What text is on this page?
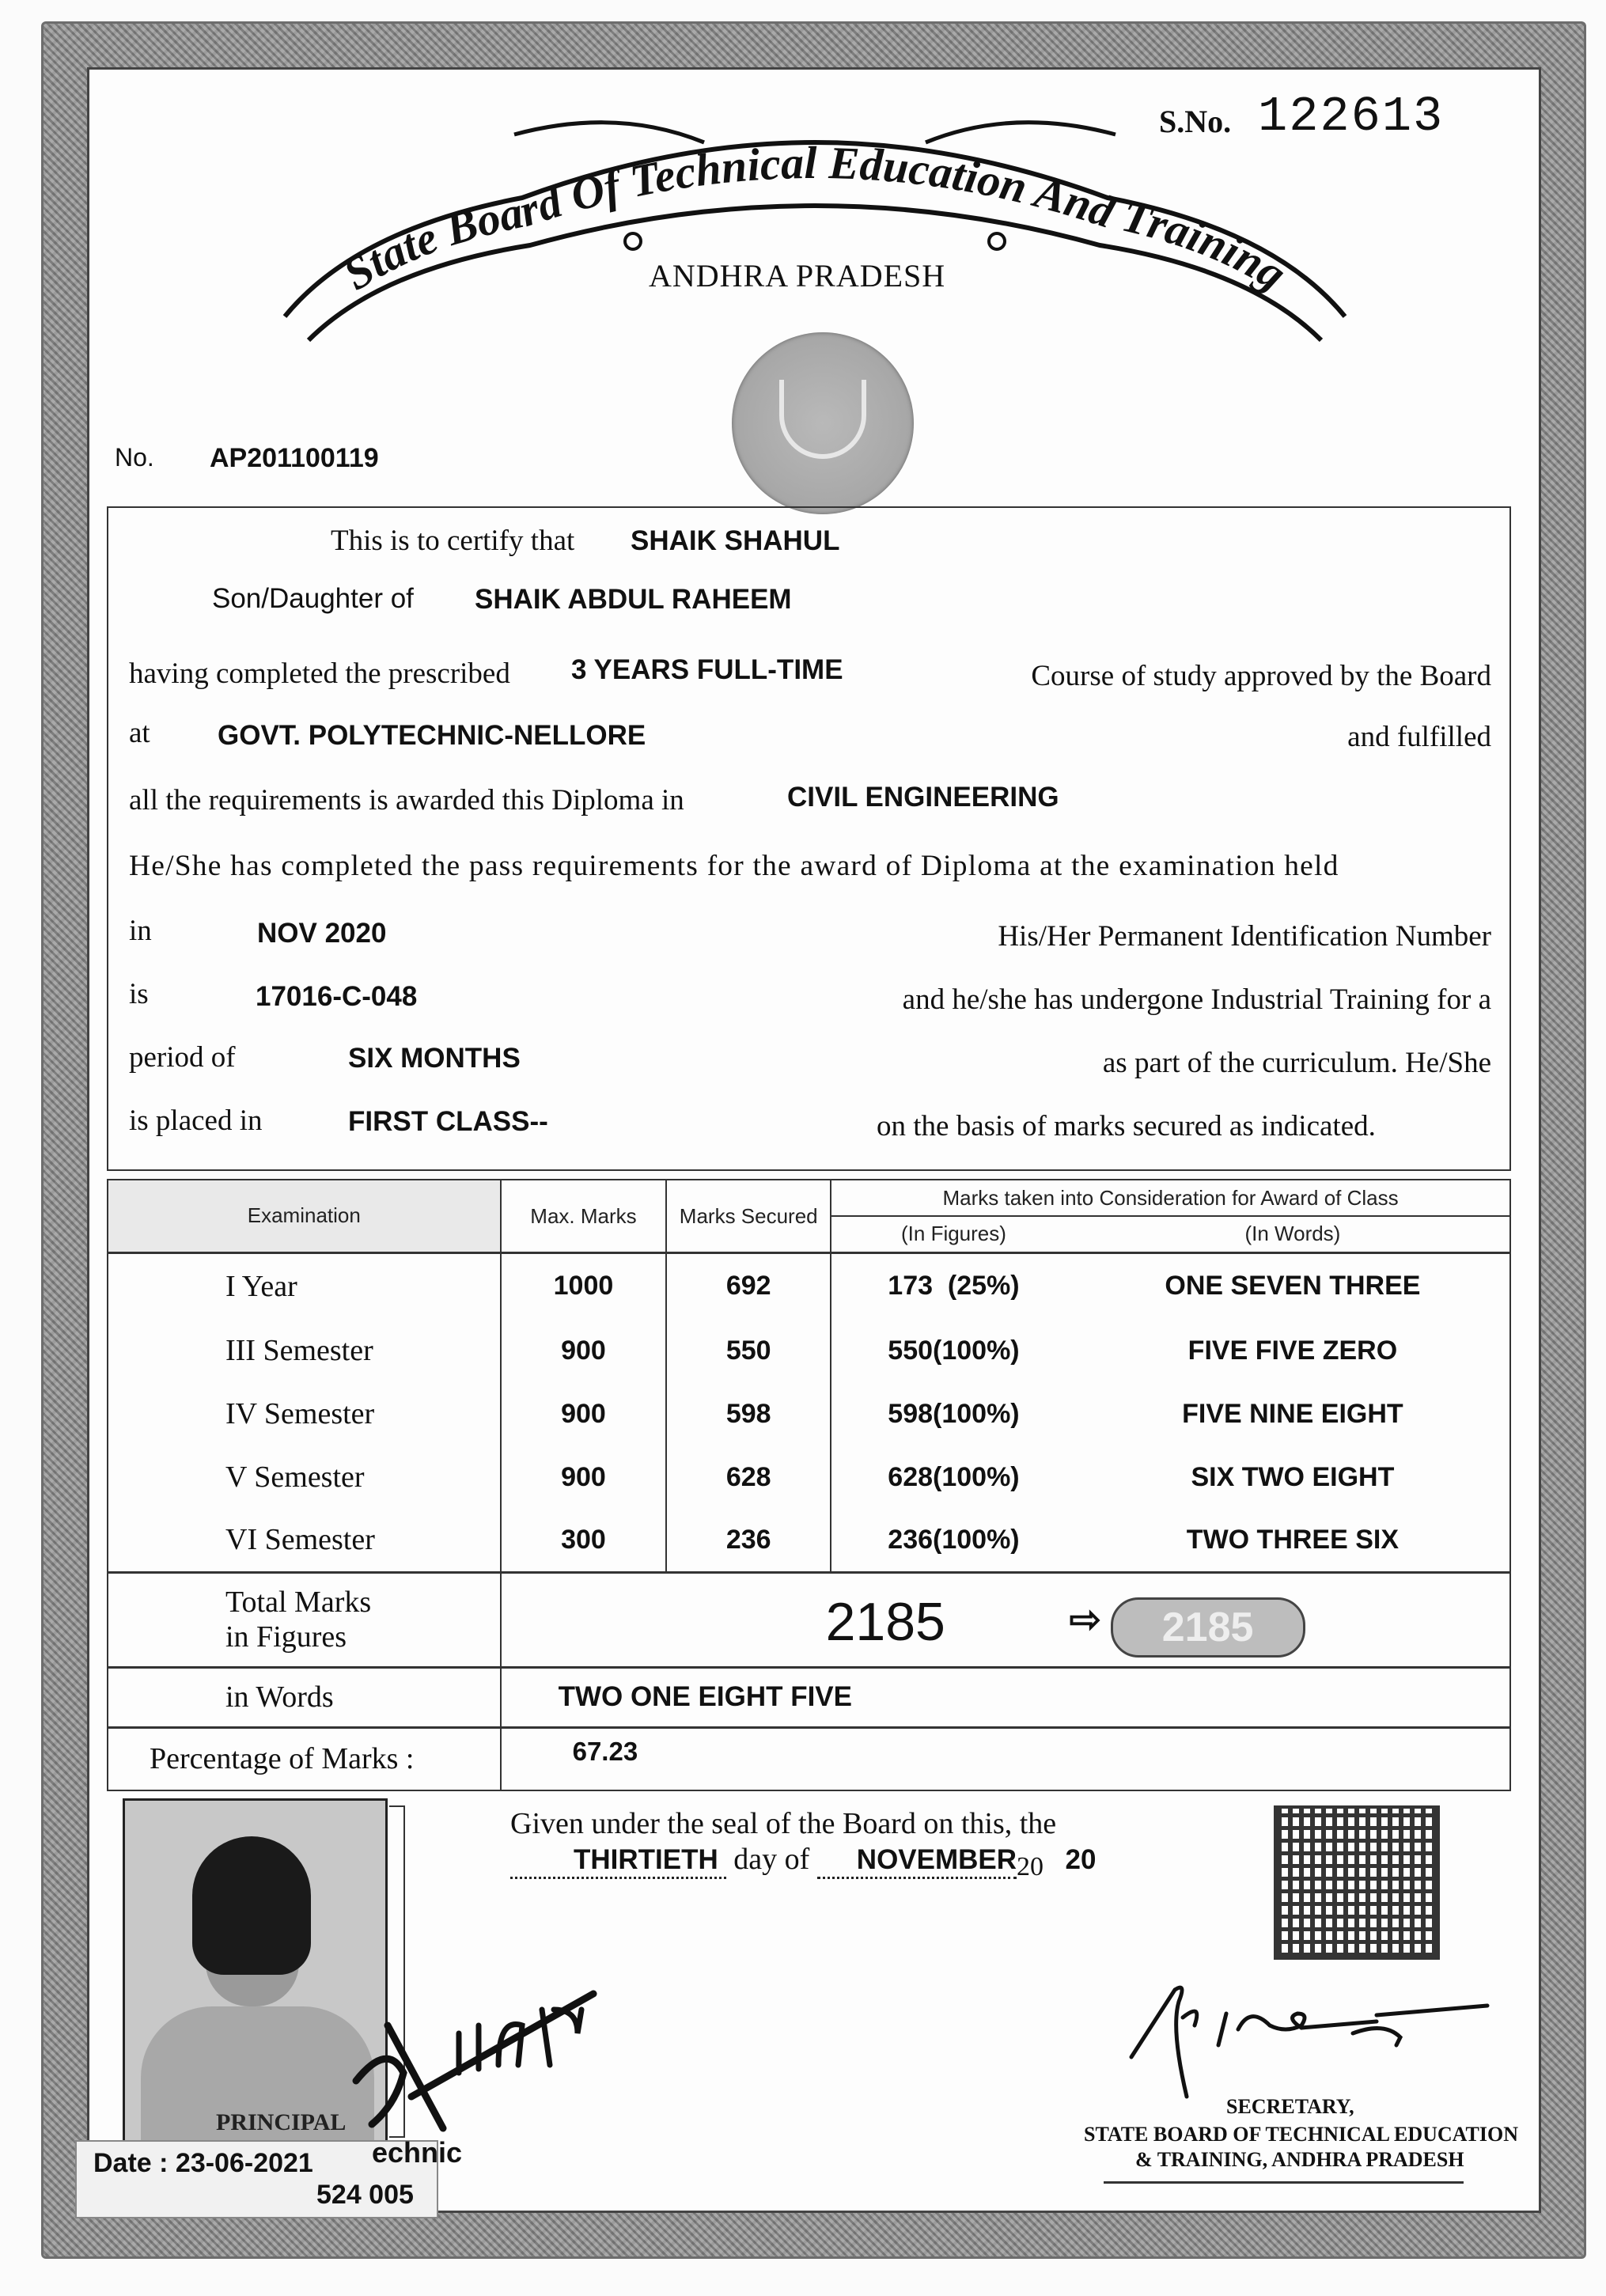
S.No. 122613
State Board Of Technical Education And Training
ANDHRA PRADESH
No. AP201100119
This is to certify that SHAIK SHAHUL
Son/Daughter of SHAIK ABDUL RAHEEM
having completed the prescribed 3 YEARS FULL-TIME	Course of study approved by the Board
at GOVT. POLYTECHNIC-NELLORE	and fulfilled
all the requirements is awarded this Diploma in	CIVIL ENGINEERING
He/She has completed the pass requirements for the award of Diploma at the examination held
in	NOV 2020	His/Her Permanent Identification Number
is	17016-C-048	and he/she has undergone Industrial Training for a
period of	SIX MONTHS	as part of the curriculum. He/She
is placed in	FIRST CLASS--	on the basis of marks secured as indicated.
Examination	Max. Marks	Marks Secured	Marks taken into Consideration for Award of Class	
			(In Figures)	(In Words)
I Year	1000	692	173  (25%)	ONE SEVEN THREE
III Semester	900	550	550(100%)	FIVE FIVE ZERO
IV Semester	900	598	598(100%)	FIVE NINE EIGHT
V Semester	900	628	628(100%)	SIX TWO EIGHT
VI Semester	300	236	236(100%)	TWO THREE SIX
Total Marks
in Figures	2185 ⇨ 2185			

in Words	TWO ONE EIGHT FIVE			
Percentage of Marks :	67.23			
PRINCIPAL
Date : 23-06-2021 echnic
524 005
Given under the seal of the Board on this, the
THIRTIETH day of NOVEMBER20 20
SECRETARY,
STATE BOARD OF TECHNICAL EDUCATION
& TRAINING, ANDHRA PRADESH
